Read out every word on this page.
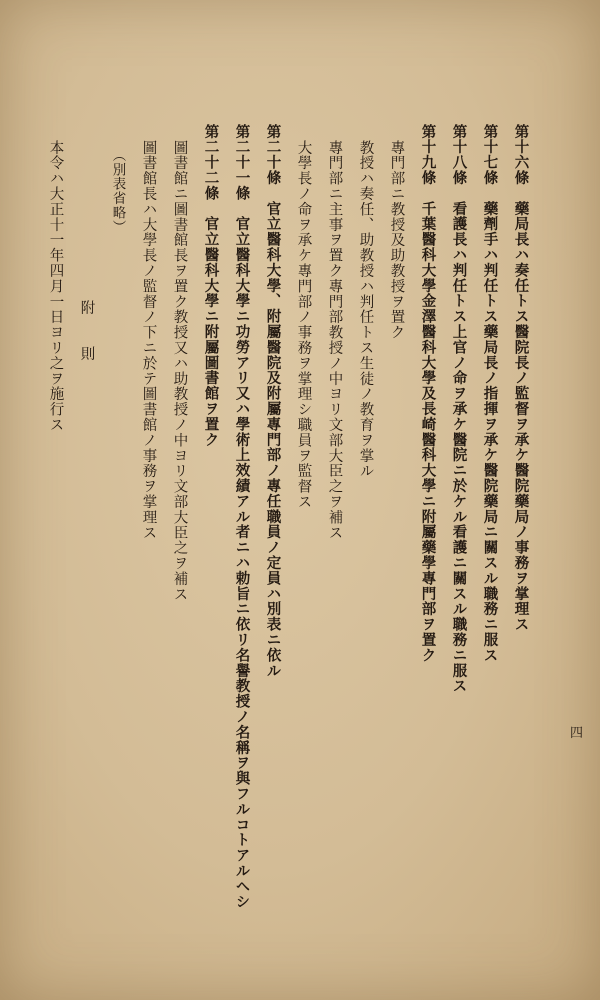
第十六條　藥局長ハ奏任トス醫院長ノ監督ヲ承ケ醫院藥局ノ事務ヲ掌理ス
第十七條　藥劑手ハ判任トス藥局長ノ指揮ヲ承ケ醫院藥局ニ關スル職務ニ服ス
第十八條　看護長ハ判任トス上官ノ命ヲ承ケ醫院ニ於ケル看護ニ關スル職務ニ服ス
第十九條　千葉醫科大學金澤醫科大學及長崎醫科大學ニ附屬藥學專門部ヲ置ク
專門部ニ教授及助教授ヲ置ク
教授ハ奏任、助教授ハ判任トス生徒ノ教育ヲ掌ル
專門部ニ主事ヲ置ク專門部教授ノ中ヨリ文部大臣之ヲ補ス
大學長ノ命ヲ承ケ專門部ノ事務ヲ掌理シ職員ヲ監督ス
第二十條　官立醫科大學、附屬醫院及附屬專門部ノ專任職員ノ定員ハ別表ニ依ル
第二十一條　官立醫科大學ニ功勞アリ又ハ學術上效績アル者ニハ勅旨ニ依リ名譽教授ノ名稱ヲ與フルコトアルヘシ
第二十二條　官立醫科大學ニ附屬圖書館ヲ置ク
圖書館ニ圖書館長ヲ置ク教授又ハ助教授ノ中ヨリ文部大臣之ヲ補ス
圖書館長ハ大學長ノ監督ノ下ニ於テ圖書館ノ事務ヲ掌理ス
（別表省略）
附　　則
本令ハ大正十一年四月一日ヨリ之ヲ施行ス
四
